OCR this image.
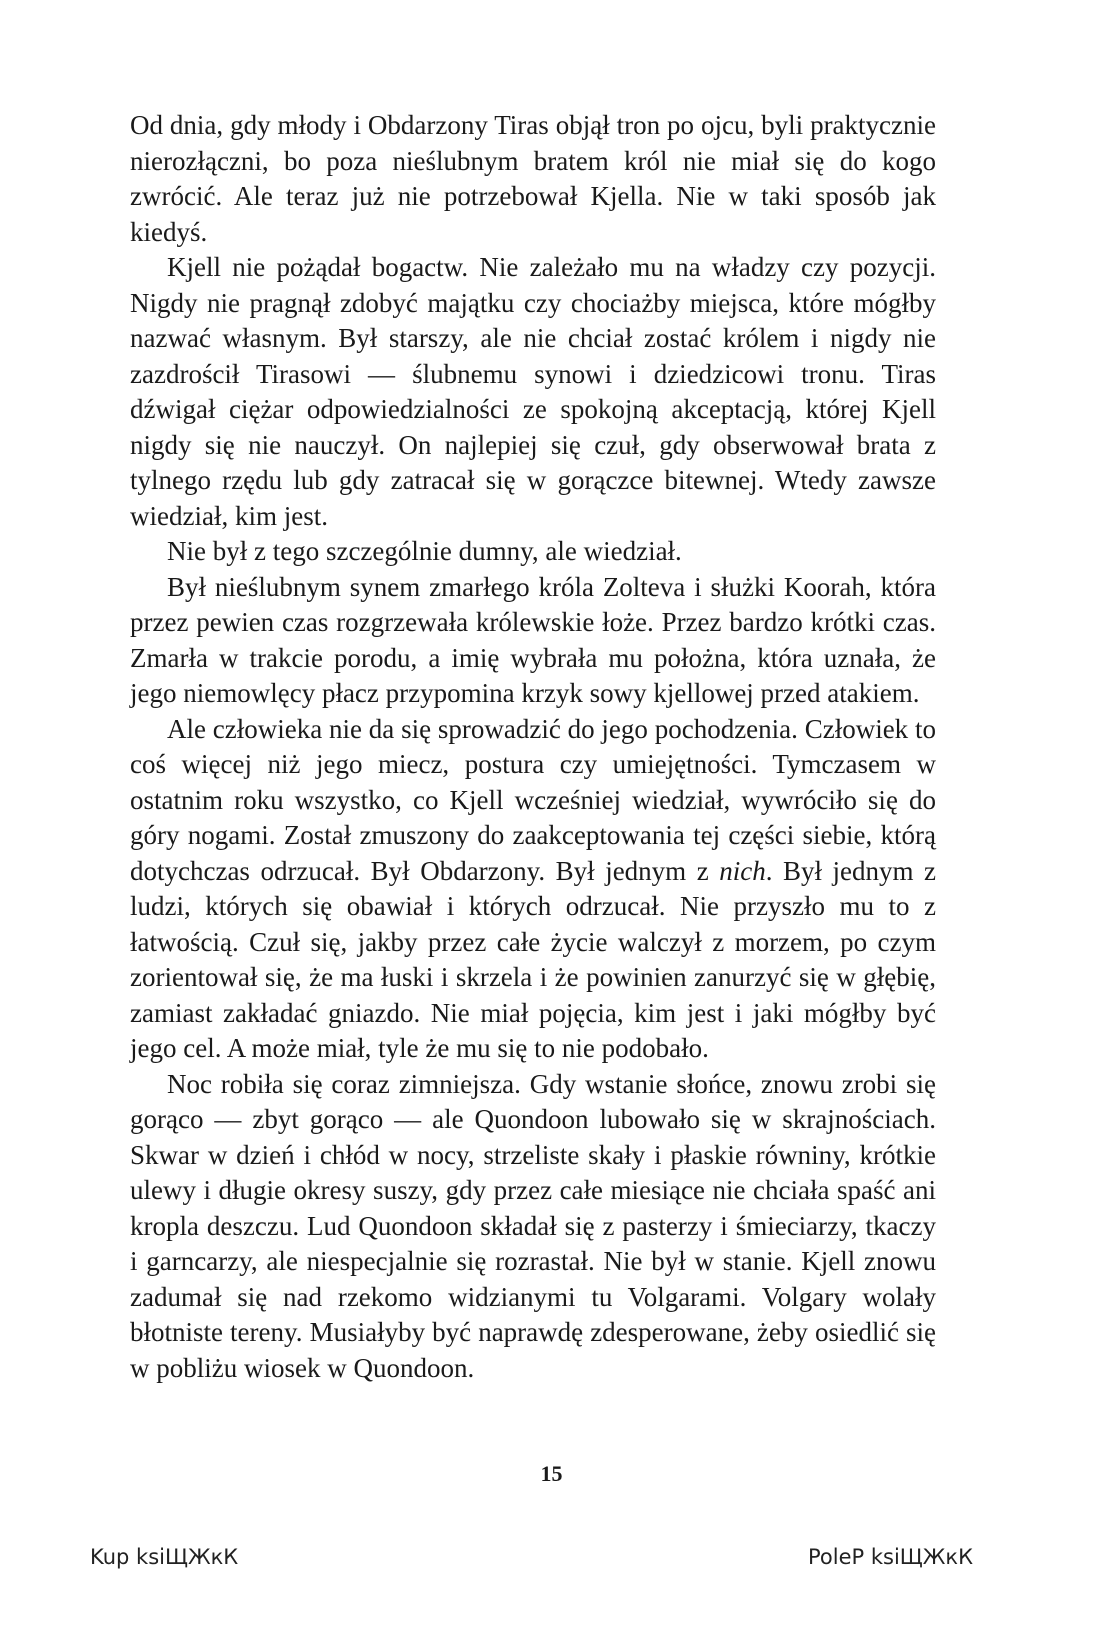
Od dnia, gdy młody i Obdarzony Tiras objął tron po ojcu, byli praktycznie nierozłączni, bo poza nieślubnym bratem król nie miał się do kogo zwrócić. Ale teraz już nie potrzebował Kjella. Nie w taki sposób jak kiedyś.

Kjell nie pożądał bogactw. Nie zależało mu na władzy czy pozycji. Nigdy nie pragnął zdobyć majątku czy chociażby miejsca, które mógłby nazwać własnym. Był starszy, ale nie chciał zostać królem i nigdy nie zazdrościł Tirasowi — ślubnemu synowi i dziedzicowi tronu. Tiras dźwigał ciężar odpowiedzialności ze spokojną akceptacją, której Kjell nigdy się nie nauczył. On najlepiej się czuł, gdy obserwował brata z tylnego rzędu lub gdy zatracał się w gorączce bitewnej. Wtedy zawsze wiedział, kim jest.

Nie był z tego szczególnie dumny, ale wiedział.

Był nieślubnym synem zmarłego króla Zolteva i służki Koorah, która przez pewien czas rozgrzewała królewskie łoże. Przez bardzo krótki czas. Zmarła w trakcie porodu, a imię wybrała mu położna, która uznała, że jego niemowlęcy płacz przypomina krzyk sowy kjellowej przed atakiem.

Ale człowieka nie da się sprowadzić do jego pochodzenia. Człowiek to coś więcej niż jego miecz, postura czy umiejętności. Tymczasem w ostatnim roku wszystko, co Kjell wcześniej wiedział, wywróciło się do góry nogami. Został zmuszony do zaakceptowania tej części siebie, którą dotychczas odrzucał. Był Obdarzony. Był jednym z nich. Był jednym z ludzi, których się obawiał i których odrzucał. Nie przyszło mu to z łatwością. Czuł się, jakby przez całe życie walczył z morzem, po czym zorientował się, że ma łuski i skrzela i że powinien zanurzyć się w głębię, zamiast zakładać gniazdo. Nie miał pojęcia, kim jest i jaki mógłby być jego cel. A może miał, tyle że mu się to nie podobało.

Noc robiła się coraz zimniejsza. Gdy wstanie słońce, znowu zrobi się gorąco — zbyt gorąco — ale Quondoon lubowało się w skrajnościach. Skwar w dzień i chłód w nocy, strzeliste skały i płaskie równiny, krótkie ulewy i długie okresy suszy, gdy przez całe miesiące nie chciała spaść ani kropla deszczu. Lud Quondoon składał się z pasterzy i śmieciarzy, tkaczy i garncarzy, ale niespecjalnie się rozrastał. Nie był w stanie. Kjell znowu zadumał się nad rzekomo widzianymi tu Volgarami. Volgary wolały błotniste tereny. Musiałyby być naprawdę zdesperowane, żeby osiedlić się w pobliżu wiosek w Quondoon.

15
Kup ksiЩЖкК	PoleР ksiЩЖкК
